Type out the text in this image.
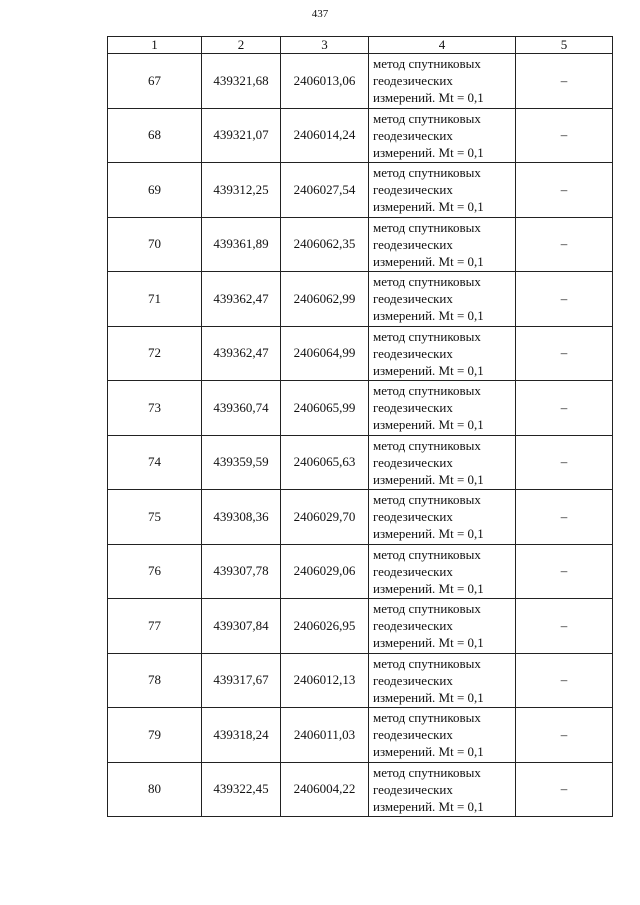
437
1	2	3	4	5
67	439321,68	2406013,06	метод спутниковых
геодезических
измерений. Mt = 0,1	–
68	439321,07	2406014,24	метод спутниковых
геодезических
измерений. Mt = 0,1	–
69	439312,25	2406027,54	метод спутниковых
геодезических
измерений. Mt = 0,1	–
70	439361,89	2406062,35	метод спутниковых
геодезических
измерений. Mt = 0,1	–
71	439362,47	2406062,99	метод спутниковых
геодезических
измерений. Mt = 0,1	–
72	439362,47	2406064,99	метод спутниковых
геодезических
измерений. Mt = 0,1	–
73	439360,74	2406065,99	метод спутниковых
геодезических
измерений. Mt = 0,1	–
74	439359,59	2406065,63	метод спутниковых
геодезических
измерений. Mt = 0,1	–
75	439308,36	2406029,70	метод спутниковых
геодезических
измерений. Mt = 0,1	–
76	439307,78	2406029,06	метод спутниковых
геодезических
измерений. Mt = 0,1	–
77	439307,84	2406026,95	метод спутниковых
геодезических
измерений. Mt = 0,1	–
78	439317,67	2406012,13	метод спутниковых
геодезических
измерений. Mt = 0,1	–
79	439318,24	2406011,03	метод спутниковых
геодезических
измерений. Mt = 0,1	–
80	439322,45	2406004,22	метод спутниковых
геодезических
измерений. Mt = 0,1	–
